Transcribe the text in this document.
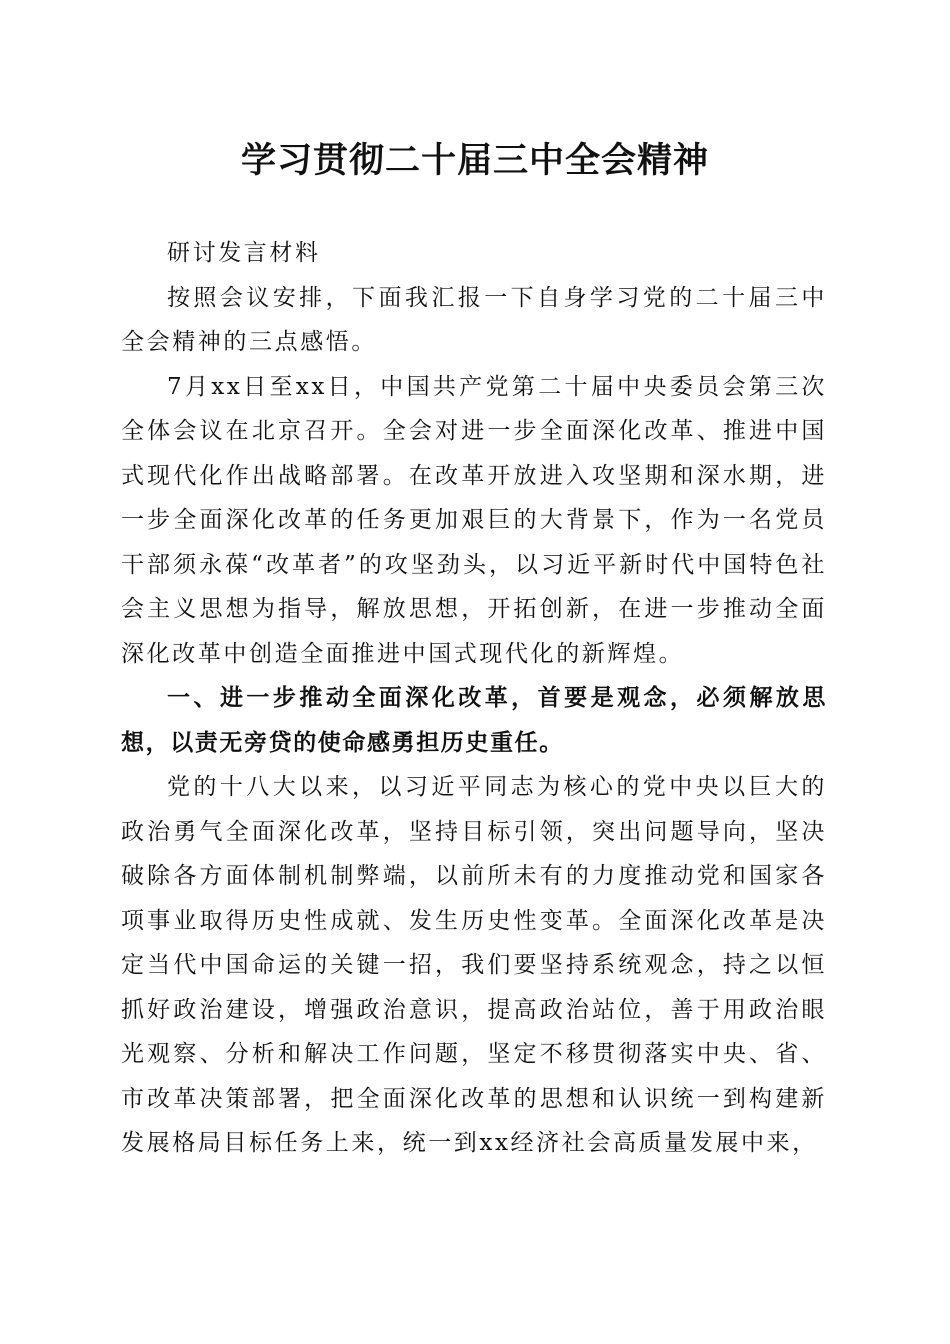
学习贯彻二十届三中全会精神

研讨发言材料

按照会议安排，下面我汇报一下自身学习党的二十届三中全会精神的三点感悟。

7月xx日至xx日，中国共产党第二十届中央委员会第三次全体会议在北京召开。全会对进一步全面深化改革、推进中国式现代化作出战略部署。在改革开放进入攻坚期和深水期，进一步全面深化改革的任务更加艰巨的大背景下，作为一名党员干部须永葆“改革者”的攻坚劲头，以习近平新时代中国特色社会主义思想为指导，解放思想，开拓创新，在进一步推动全面深化改革中创造全面推进中国式现代化的新辉煌。

一、进一步推动全面深化改革，首要是观念，必须解放思想，以责无旁贷的使命感勇担历史重任。

党的十八大以来，以习近平同志为核心的党中央以巨大的政治勇气全面深化改革，坚持目标引领，突出问题导向，坚决破除各方面体制机制弊端，以前所未有的力度推动党和国家各项事业取得历史性成就、发生历史性变革。全面深化改革是决定当代中国命运的关键一招，我们要坚持系统观念，持之以恒抓好政治建设，增强政治意识，提高政治站位，善于用政治眼光观察、分析和解决工作问题，坚定不移贯彻落实中央、省、市改革决策部署，把全面深化改革的思想和认识统一到构建新发展格局目标任务上来，统一到xx经济社会高质量发展中来，
